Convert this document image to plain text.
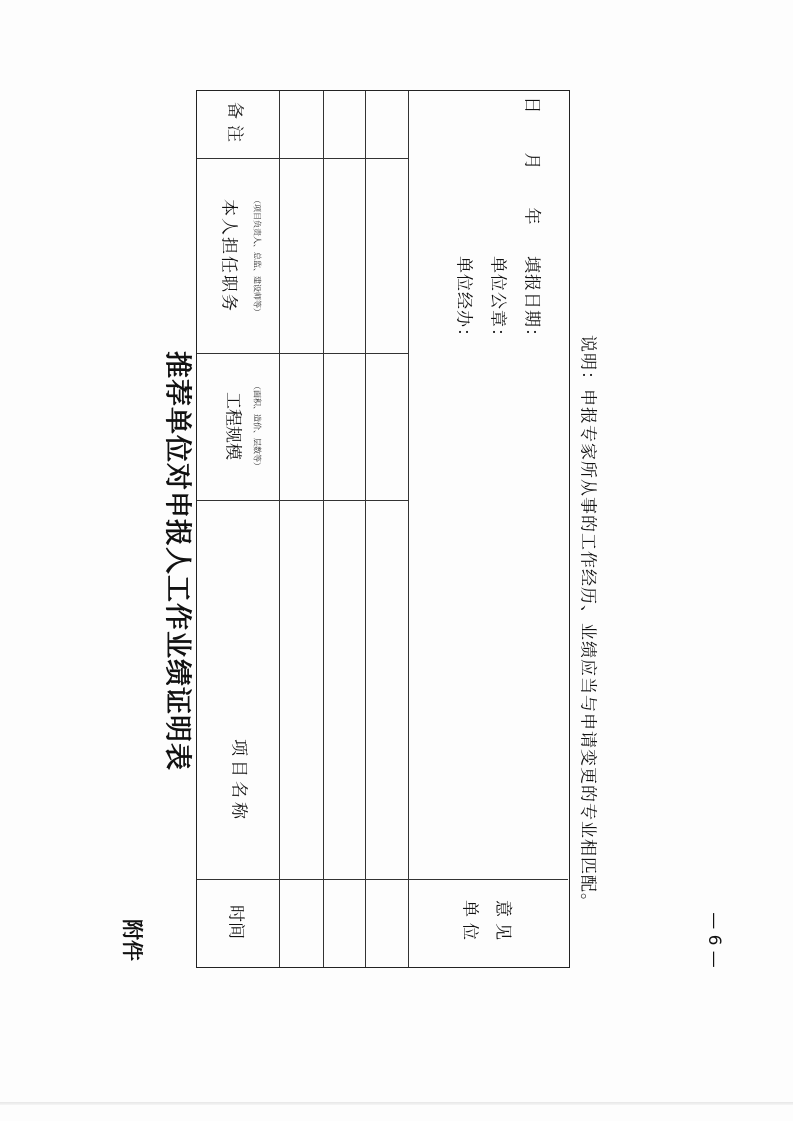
附件
推荐单位对申报人工作业绩证明表
时间
项目名称
工程规模	（面积、造价、层数等）
本人担任职务	（项目负责人、总监、建设师等）
备注
单位 意见
单位经办： 单位公章： 填报日期：
年
月
日
说明：申报专家所从事的工作经历、业绩应当与申请变更的专业相匹配。
— 6 —
